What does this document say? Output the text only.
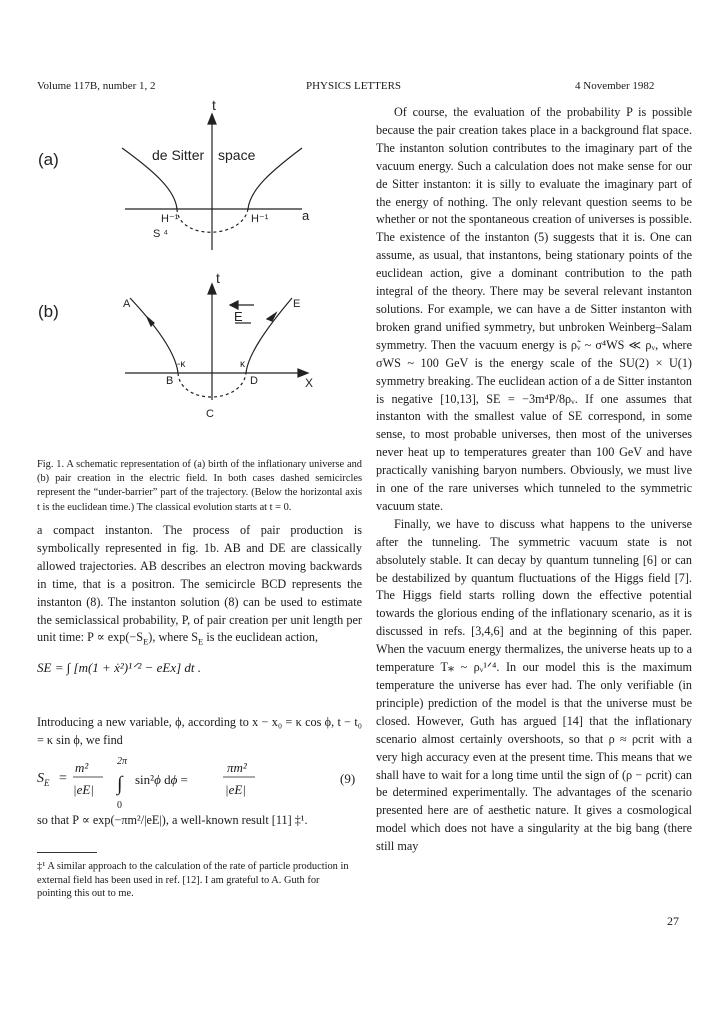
Volume 117B, number 1, 2	PHYSICS LETTERS	4 November 1982
(a)
t
de Sitter space
H⁻¹	H⁻¹	a
S ⁴
(b)
t
E
X
A	E
B	D
C
-κ	κ
Fig. 1. A schematic representation of (a) birth of the inflationary universe and (b) pair creation in the electric field. In both cases dashed semicircles represent the “under-barrier” part of the trajectory. (Below the horizontal axis t is the euclidean time.) The classical evolution starts at t = 0.

a compact instanton. The process of pair production is symbolically represented in fig. 1b. AB and DE are classically allowed trajectories. AB describes an electron moving backwards in time, that is a positron. The semicircle BCD represents the instanton (8). The instanton solution (8) can be used to estimate the semiclassical probability, P, of pair creation per unit length per unit time: $P \propto \exp(-S_E)$, where $S_E$ is the euclidean action,

SΕ = ∫ [m(1 + ẋ²)¹ᐟ² − eEx] dt .

Introducing a new variable, ϕ, according to x − x₀ = κ cos ϕ, t − t₀ = κ sin ϕ, we find

$S_E$ =
m²
|eE|
2π
∫
0
sin²ϕ dϕ =
πm²
|eE|
(9)

so that P ∝ exp(−πm²/|eE|), a well-known result [11] ‡¹.

‡¹ A similar approach to the calculation of the rate of particle production in external field has been used in ref. [12]. I am grateful to A. Guth for pointing this out to me.

Of course, the evaluation of the probability P is possible because the pair creation takes place in a background flat space. The instanton solution contributes to the imaginary part of the vacuum energy. Such a calculation does not make sense for our de Sitter instanton: it is silly to evaluate the imaginary part of the energy of nothing. The only relevant question seems to be whether or not the spontaneous creation of universes is possible. The existence of the instanton (5) suggests that it is. One can assume, as usual, that instantons, being stationary points of the euclidean action, give a dominant contribution to the path integral of the theory. There may be several relevant instanton solutions. For example, we can have a de Sitter instanton with broken grand unified symmetry, but unbroken Weinberg–Salam symmetry. Then the vacuum energy is ρ̃ᵥ ~ σ⁴WS ≪ ρᵥ, where σWS ~ 100 GeV is the energy scale of the SU(2) × U(1) symmetry breaking. The euclidean action of a de Sitter instanton is negative [10,13], SE = −3m⁴P/8ρᵥ. If one assumes that instanton with the smallest value of SE correspond, in some sense, to most probable universes, then most of the universes never heat up to temperatures greater than 100 GeV and have practically vanishing baryon numbers. Obviously, we must live in one of the rare universes which tunneled to the symmetric vacuum state.

Finally, we have to discuss what happens to the universe after the tunneling. The symmetric vacuum state is not absolutely stable. It can decay by quantum tunneling [6] or can be destabilized by quantum fluctuations of the Higgs field [7]. The Higgs field starts rolling down the effective potential towards the glorious ending of the inflationary scenario, as it is discussed in refs. [3,4,6] and at the beginning of this paper. When the vacuum energy thermalizes, the universe heats up to a temperature T⁎ ~ ρᵥ¹ᐟ⁴. In our model this is the maximum temperature the universe has ever had. The only verifiable (in principle) prediction of the model is that the universe must be closed. However, Guth has argued [14] that the inflationary scenario almost certainly overshoots, so that ρ ≈ ρcrit with a very high accuracy even at the present time. This means that we shall have to wait for a long time until the sign of (ρ − ρcrit) can be determined experimentally. The advantages of the scenario presented here are of aesthetic nature. It gives a cosmological model which does not have a singularity at the big bang (there still may

27
